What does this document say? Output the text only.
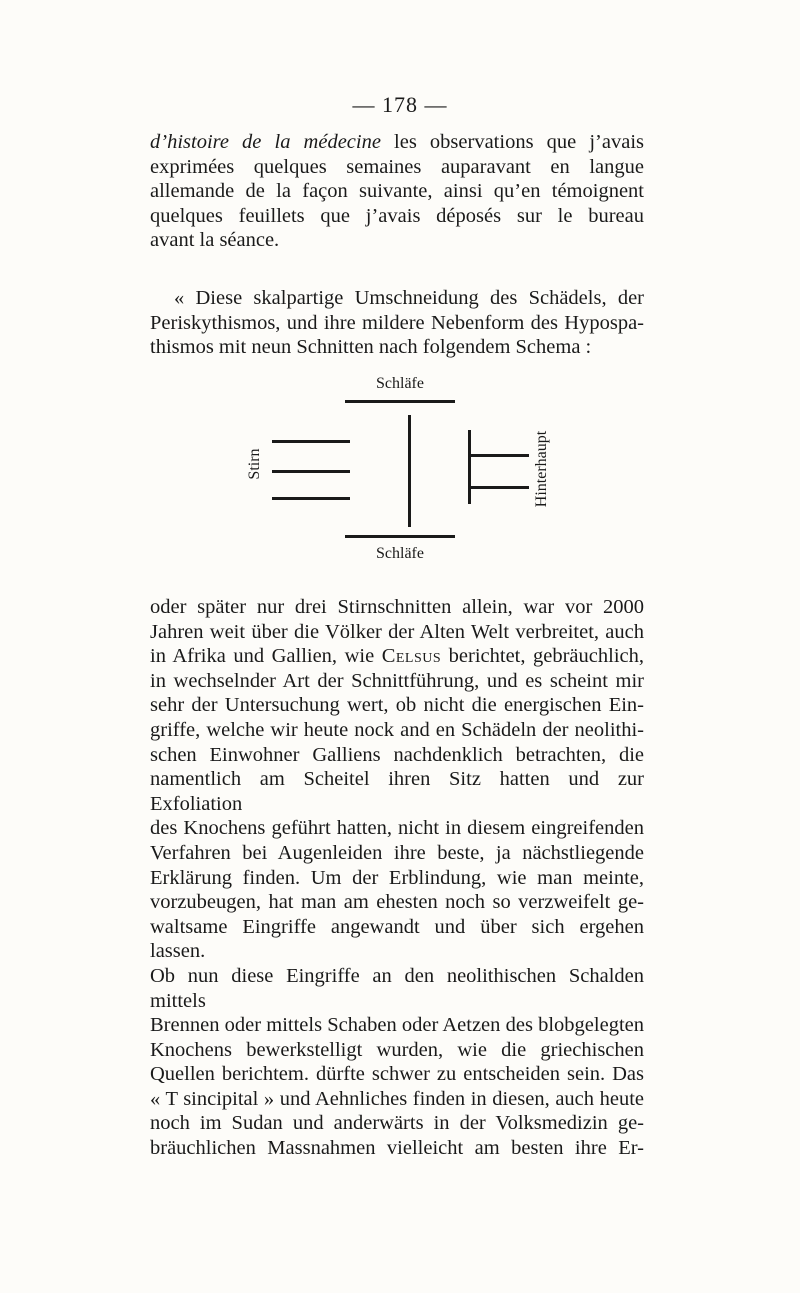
— 178 —

d’histoire de la médecine les observations que j’avais
exprimées quelques semaines auparavant en langue
allemande de la façon suivante, ainsi qu’en témoignent
quelques feuillets que j’avais déposés sur le bureau
avant la séance.

« Diese skalpartige Umschneidung des Schädels, der
Periskythismos, und ihre mildere Nebenform des Hypospa-
thismos mit neun Schnitten nach folgendem Schema :

Schläfe
Stirn	Hinterhaupt
Schläfe

oder später nur drei Stirnschnitten allein, war vor 2000
Jahren weit über die Völker der Alten Welt verbreitet, auch
in Afrika und Gallien, wie Celsus berichtet, gebräuchlich,
in wechselnder Art der Schnittführung, und es scheint mir
sehr der Untersuchung wert, ob nicht die energischen Ein-
griffe, welche wir heute nock and en Schädeln der neolithi-
schen Einwohner Galliens nachdenklich betrachten, die
namentlich am Scheitel ihren Sitz hatten und zur Exfoliation
des Knochens geführt hatten, nicht in diesem eingreifenden
Verfahren bei Augenleiden ihre beste, ja nächstliegende
Erklärung finden. Um der Erblindung, wie man meinte,
vorzubeugen, hat man am ehesten noch so verzweifelt ge-
waltsame Eingriffe angewandt und über sich ergehen lassen.
Ob nun diese Eingriffe an den neolithischen Schalden mittels
Brennen oder mittels Schaben oder Aetzen des blobgelegten
Knochens bewerkstelligt wurden, wie die griechischen
Quellen berichtem. dürfte schwer zu entscheiden sein. Das
« T sincipital » und Aehnliches finden in diesen, auch heute
noch im Sudan und anderwärts in der Volksmedizin ge-
bräuchlichen Massnahmen vielleicht am besten ihre Er-
